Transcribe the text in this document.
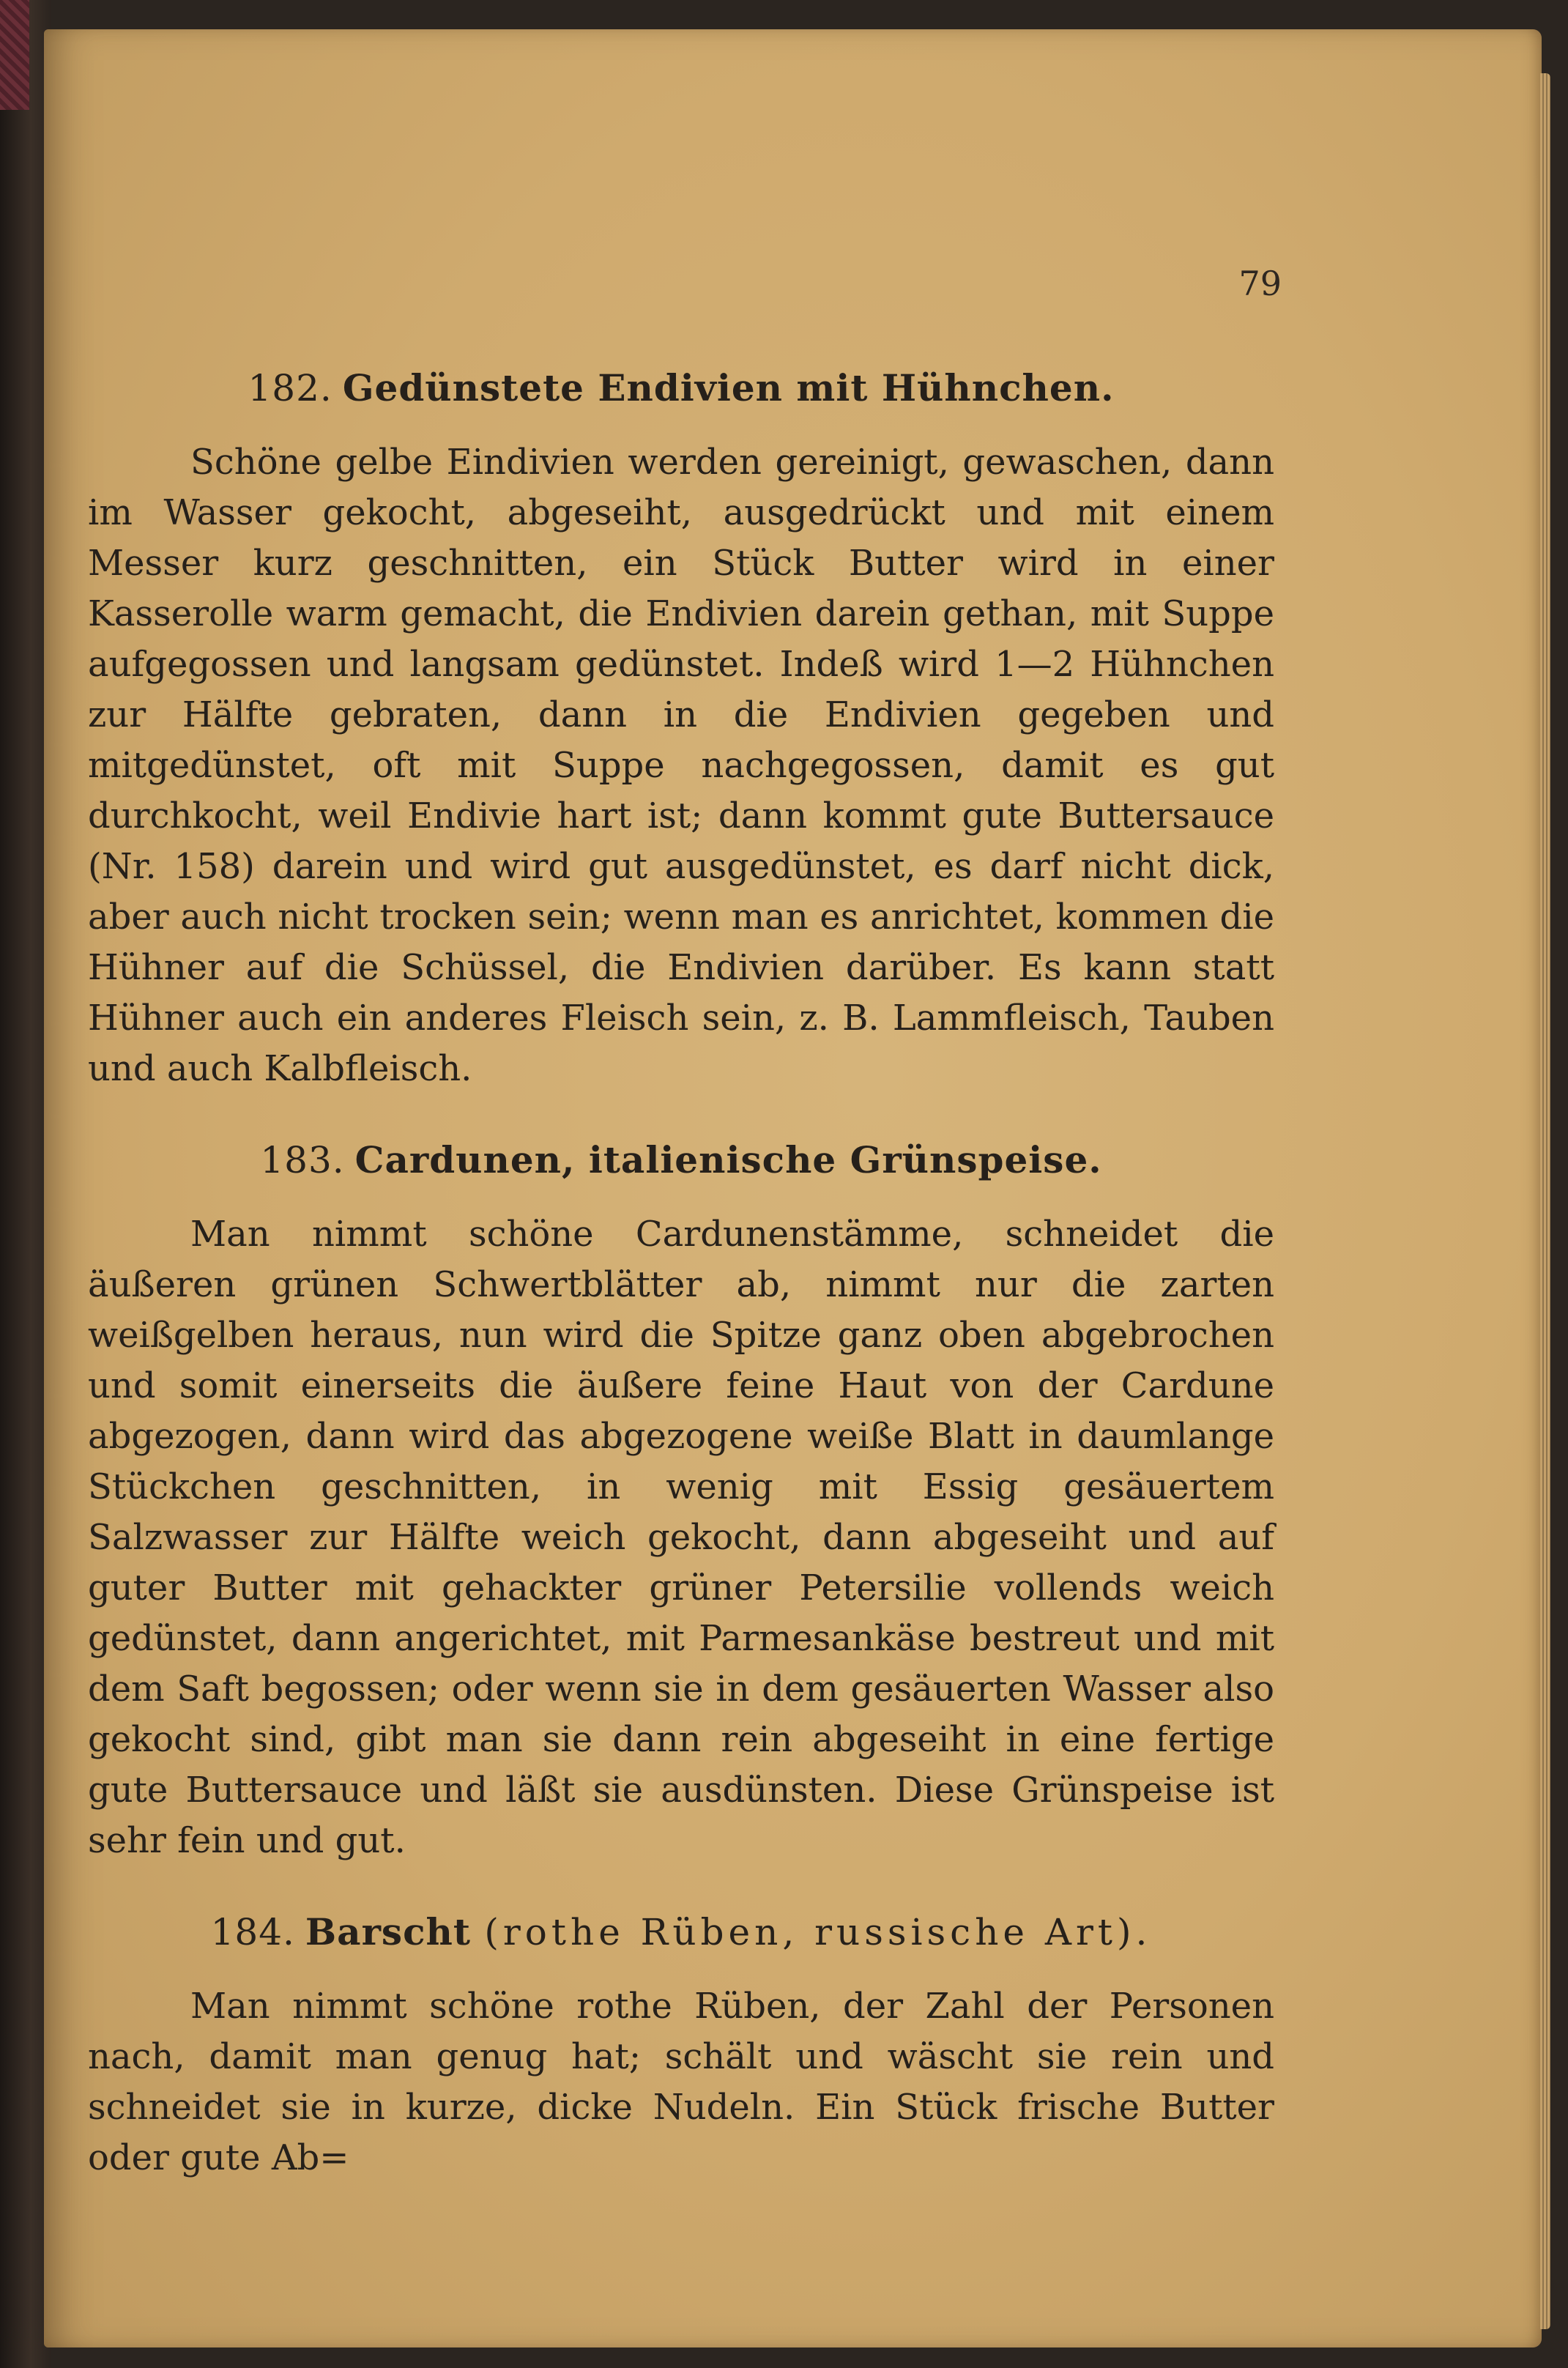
79
182. Gedünstete Endivien mit Hühnchen.

Schöne gelbe Eindivien werden gereinigt, gewaschen, dann im Wasser gekocht, abgeseiht, ausgedrückt und mit einem Messer kurz geschnitten, ein Stück Butter wird in einer Kasserolle warm gemacht, die Endivien darein gethan, mit Suppe aufgegossen und langsam gedünstet. Indeß wird 1—2 Hühnchen zur Hälfte gebraten, dann in die Endivien gegeben und mitgedünstet, oft mit Suppe nachgegossen, damit es gut durchkocht, weil Endivie hart ist; dann kommt gute Buttersauce (Nr. 158) darein und wird gut ausgedünstet, es darf nicht dick, aber auch nicht trocken sein; wenn man es anrichtet, kommen die Hühner auf die Schüssel, die Endivien darüber. Es kann statt Hühner auch ein anderes Fleisch sein, z. B. Lammfleisch, Tauben und auch Kalbfleisch.

183. Cardunen, italienische Grünspeise.

Man nimmt schöne Cardunenstämme, schneidet die äußeren grünen Schwertblätter ab, nimmt nur die zarten weißgelben heraus, nun wird die Spitze ganz oben abgebrochen und somit einerseits die äußere feine Haut von der Cardune abgezogen, dann wird das abgezogene weiße Blatt in daumlange Stückchen geschnitten, in wenig mit Essig gesäuertem Salzwasser zur Hälfte weich gekocht, dann abgeseiht und auf guter Butter mit gehackter grüner Petersilie vollends weich gedünstet, dann angerichtet, mit Parmesankäse bestreut und mit dem Saft begossen; oder wenn sie in dem gesäuerten Wasser also gekocht sind, gibt man sie dann rein abgeseiht in eine fertige gute Buttersauce und läßt sie ausdünsten. Diese Grünspeise ist sehr fein und gut.

184. Barscht (rothe Rüben, russische Art).

Man nimmt schöne rothe Rüben, der Zahl der Personen nach, damit man genug hat; schält und wäscht sie rein und schneidet sie in kurze, dicke Nudeln. Ein Stück frische Butter oder gute Ab=
